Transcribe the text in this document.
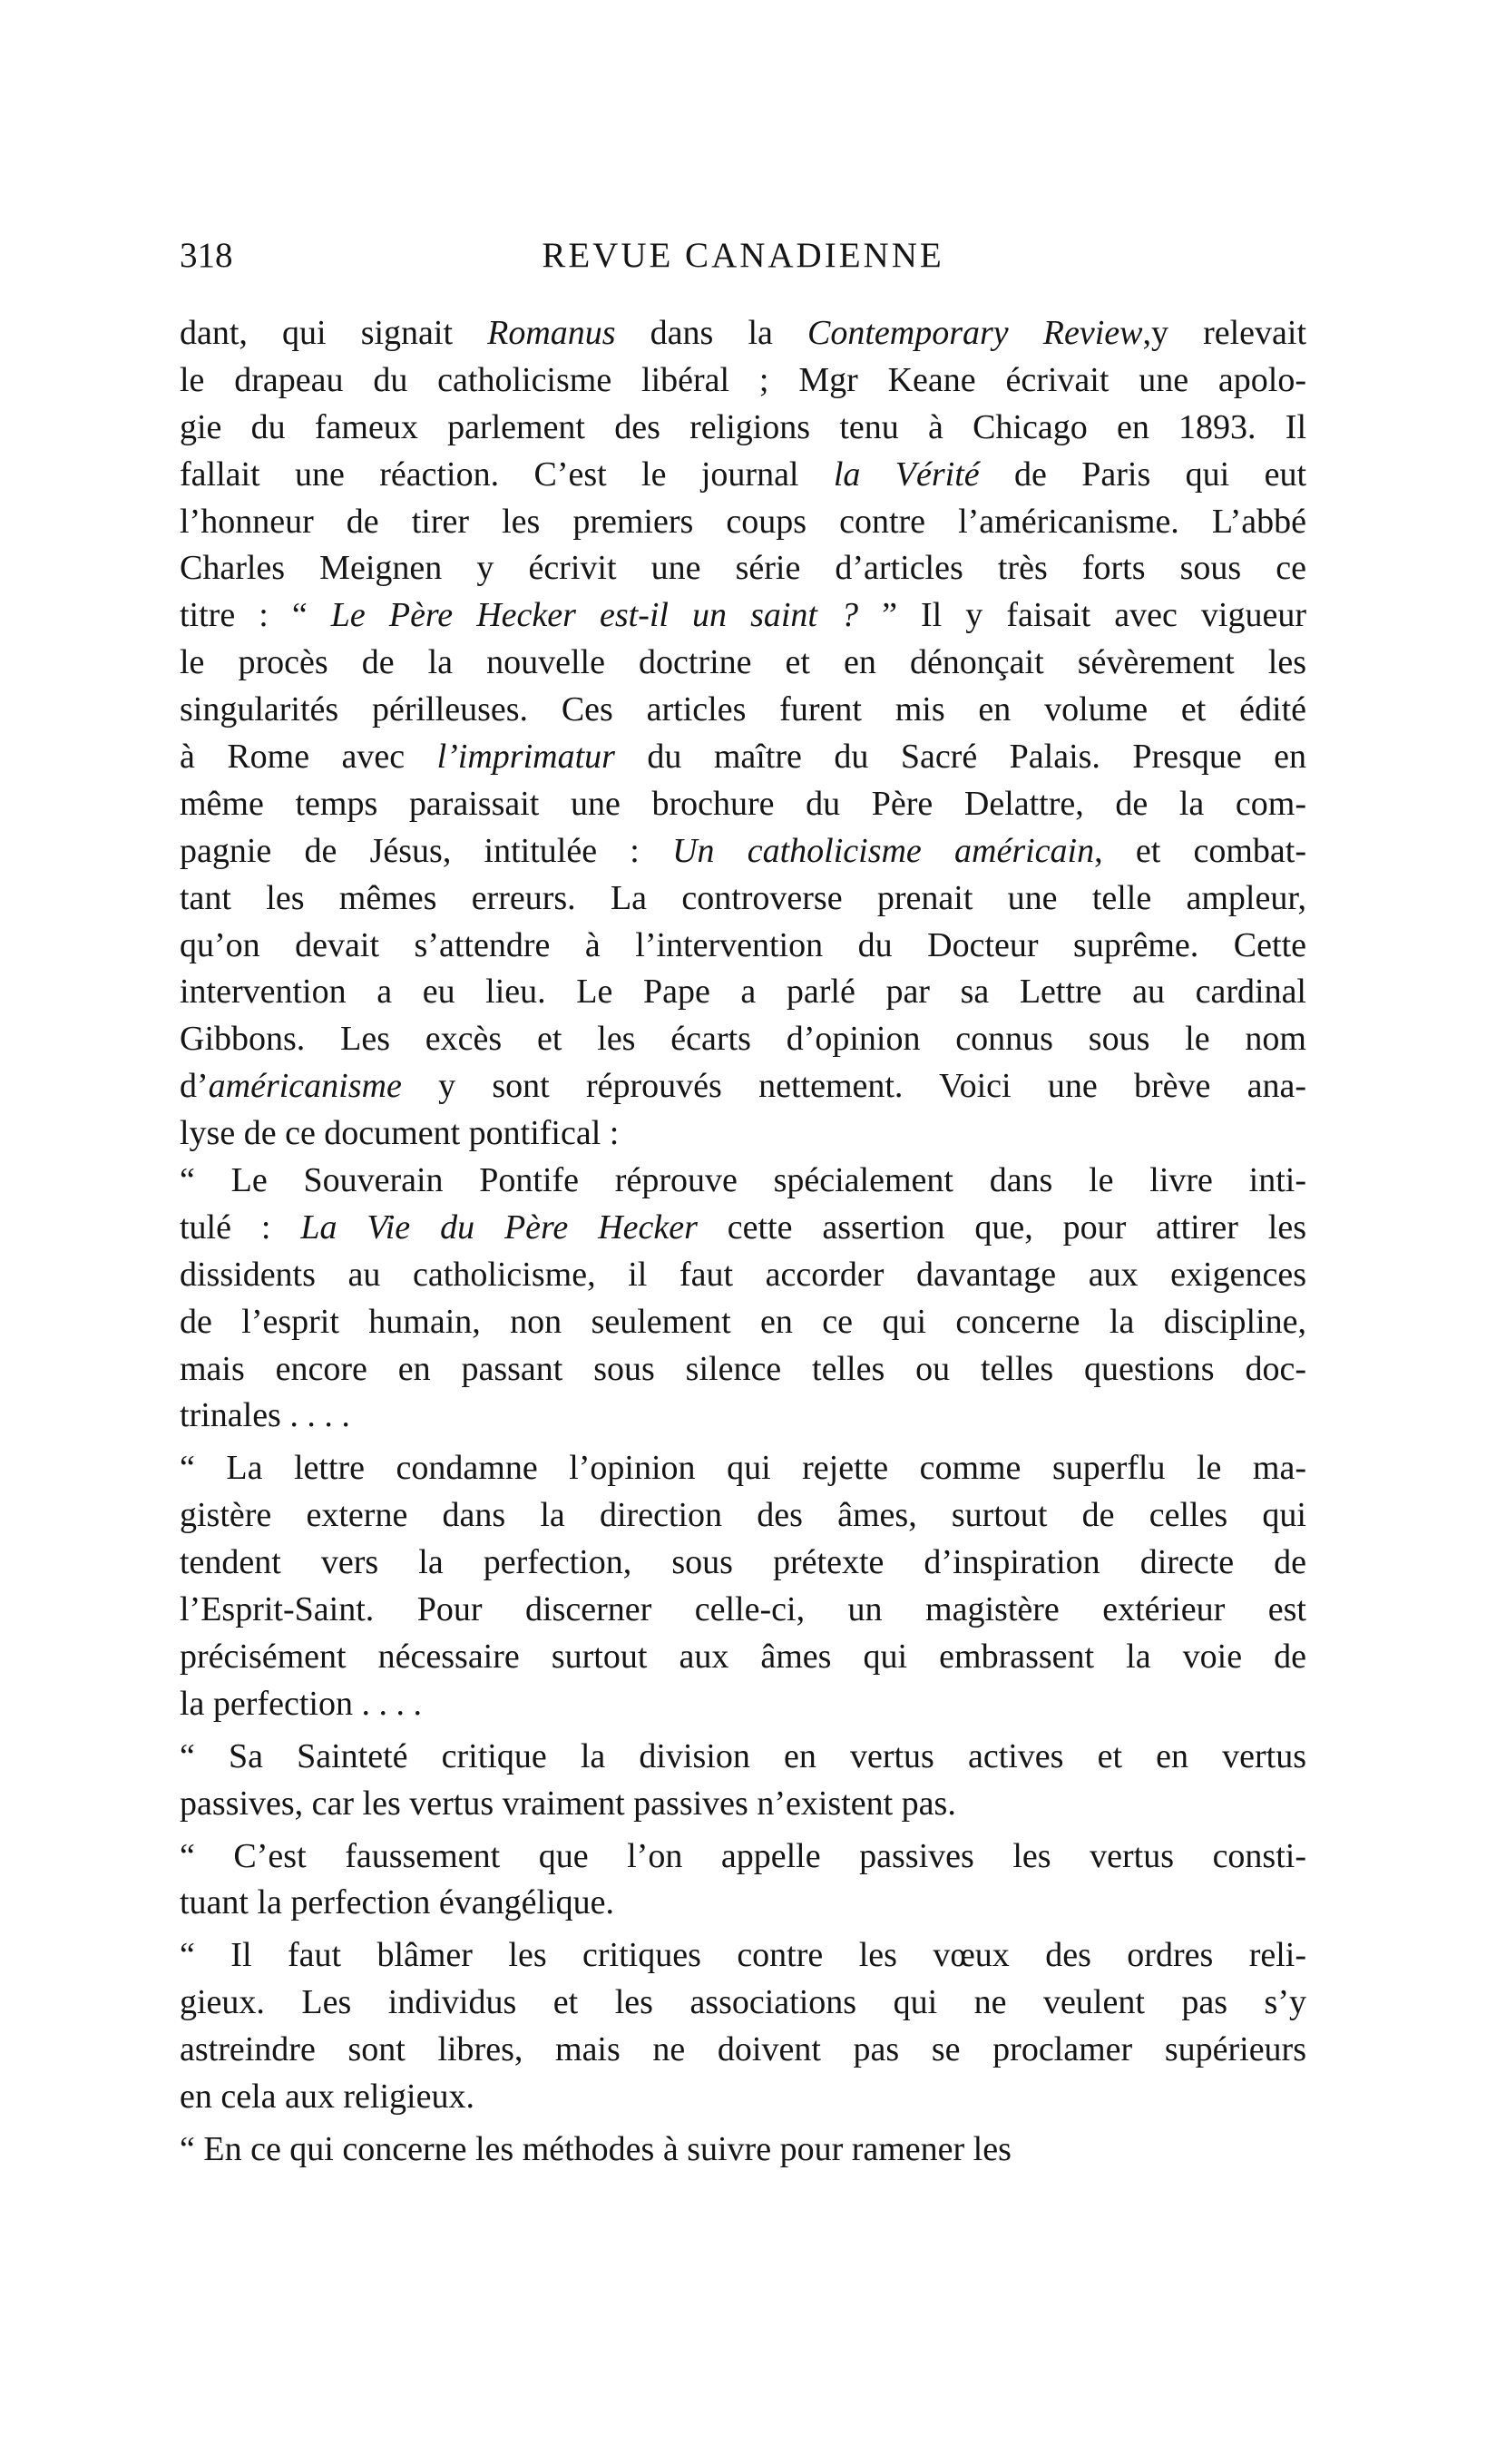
318	REVUE CANADIENNE
dant, qui signait Romanus dans la Contemporary Review,y relevait
le drapeau du catholicisme libéral ; Mgr Keane écrivait une apolo-
gie du fameux parlement des religions tenu à Chicago en 1893. Il
fallait une réaction. C’est le journal la Vérité de Paris qui eut
l’honneur de tirer les premiers coups contre l’américanisme. L’abbé
Charles Meignen y écrivit une série d’articles très forts sous ce
titre : “ Le Père Hecker est-il un saint ? ” Il y faisait avec vigueur
le procès de la nouvelle doctrine et en dénonçait sévèrement les
singularités périlleuses. Ces articles furent mis en volume et édité
à Rome avec l’imprimatur du maître du Sacré Palais. Presque en
même temps paraissait une brochure du Père Delattre, de la com-
pagnie de Jésus, intitulée : Un catholicisme américain, et combat-
tant les mêmes erreurs. La controverse prenait une telle ampleur,
qu’on devait s’attendre à l’intervention du Docteur suprême. Cette
intervention a eu lieu. Le Pape a parlé par sa Lettre au cardinal
Gibbons. Les excès et les écarts d’opinion connus sous le nom
d’américanisme y sont réprouvés nettement. Voici une brève ana-
lyse de ce document pontifical :
“ Le Souverain Pontife réprouve spécialement dans le livre inti-
tulé : La Vie du Père Hecker cette assertion que, pour attirer les
dissidents au catholicisme, il faut accorder davantage aux exigences
de l’esprit humain, non seulement en ce qui concerne la discipline,
mais encore en passant sous silence telles ou telles questions doc-
trinales . . . .
“ La lettre condamne l’opinion qui rejette comme superflu le ma-
gistère externe dans la direction des âmes, surtout de celles qui
tendent vers la perfection, sous prétexte d’inspiration directe de
l’Esprit-Saint. Pour discerner celle-ci, un magistère extérieur est
précisément nécessaire surtout aux âmes qui embrassent la voie de
la perfection . . . .
“ Sa Sainteté critique la division en vertus actives et en vertus
passives, car les vertus vraiment passives n’existent pas.
“ C’est faussement que l’on appelle passives les vertus consti-
tuant la perfection évangélique.
“ Il faut blâmer les critiques contre les vœux des ordres reli-
gieux. Les individus et les associations qui ne veulent pas s’y
astreindre sont libres, mais ne doivent pas se proclamer supérieurs
en cela aux religieux.
“ En ce qui concerne les méthodes à suivre pour ramener les
